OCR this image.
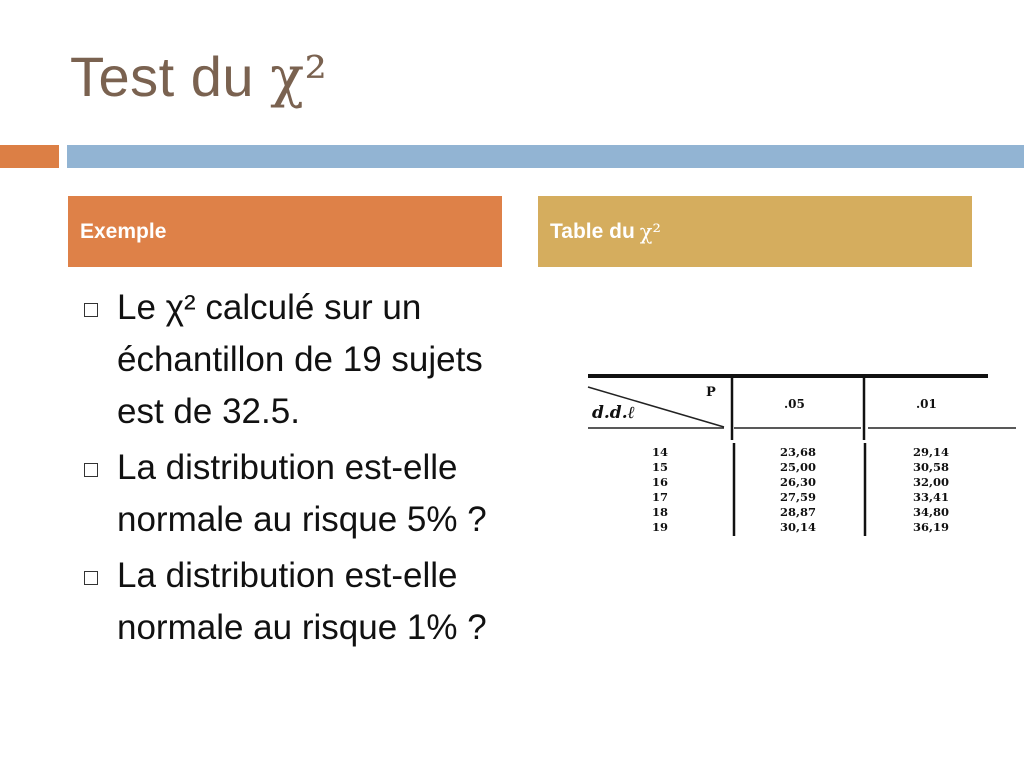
Test du χ²
Exemple	Table du χ²
Le χ² calculé sur un échantillon de 19 sujets est de 32.5.
La distribution est-elle normale au risque 5% ?
La distribution est-elle normale au risque 1% ?
P
d.d.ℓ	.05	.01
14	23,68	29,14
15	25,00	30,58
16	26,30	32,00
17	27,59	33,41
18	28,87	34,80
19	30,14	36,19
